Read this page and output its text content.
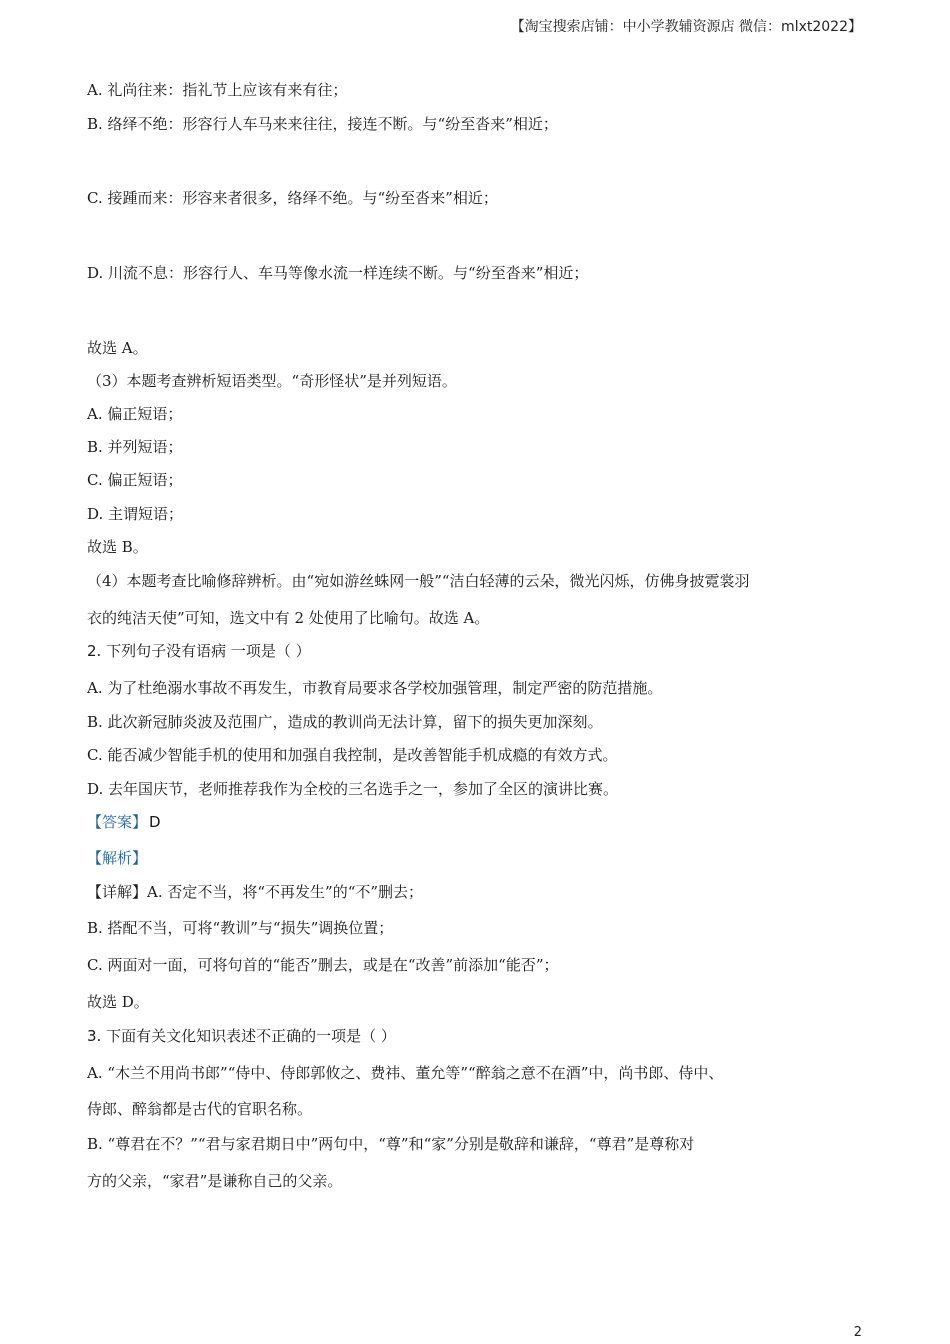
【淘宝搜索店铺：中小学教辅资源店 微信：mlxt2022】
A. 礼尚往来：指礼节上应该有来有往；
B. 络绎不绝：形容行人车马来来往往，接连不断。与“纷至沓来”相近；
C. 接踵而来：形容来者很多，络绎不绝。与“纷至沓来”相近；
D. 川流不息：形容行人、车马等像水流一样连续不断。与“纷至沓来”相近；
故选 A。
（3）本题考查辨析短语类型。“奇形怪状”是并列短语。
A. 偏正短语；
B. 并列短语；
C. 偏正短语；
D. 主谓短语；
故选 B。
（4）本题考查比喻修辞辨析。由“宛如游丝蛛网一般”“洁白轻薄的云朵，微光闪烁，仿佛身披霓裳羽
衣的纯洁天使”可知，选文中有 2 处使用了比喻句。故选 A。
2. 下列句子没有语病 一项是（ ）
A. 为了杜绝溺水事故不再发生，市教育局要求各学校加强管理，制定严密的防范措施。
B. 此次新冠肺炎波及范围广，造成的教训尚无法计算，留下的损失更加深刻。
C. 能否减少智能手机的使用和加强自我控制，是改善智能手机成瘾的有效方式。
D. 去年国庆节，老师推荐我作为全校的三名选手之一，参加了全区的演讲比赛。
【答案】 D
【解析】
【详解】A. 否定不当，将“不再发生”的“不”删去；
B. 搭配不当，可将“教训”与“损失”调换位置；
C. 两面对一面，可将句首的“能否”删去，或是在“改善”前添加“能否”；
故选 D。
3. 下面有关文化知识表述不正确的一项是（ ）
A. “木兰不用尚书郎”“侍中、侍郎郭攸之、费祎、董允等”“醉翁之意不在酒”中，尚书郎、侍中、
侍郎、醉翁都是古代的官职名称。
B. “尊君在不？”“君与家君期日中”两句中，“尊”和“家”分别是敬辞和谦辞，“尊君”是尊称对
方的父亲，“家君”是谦称自己的父亲。
2
